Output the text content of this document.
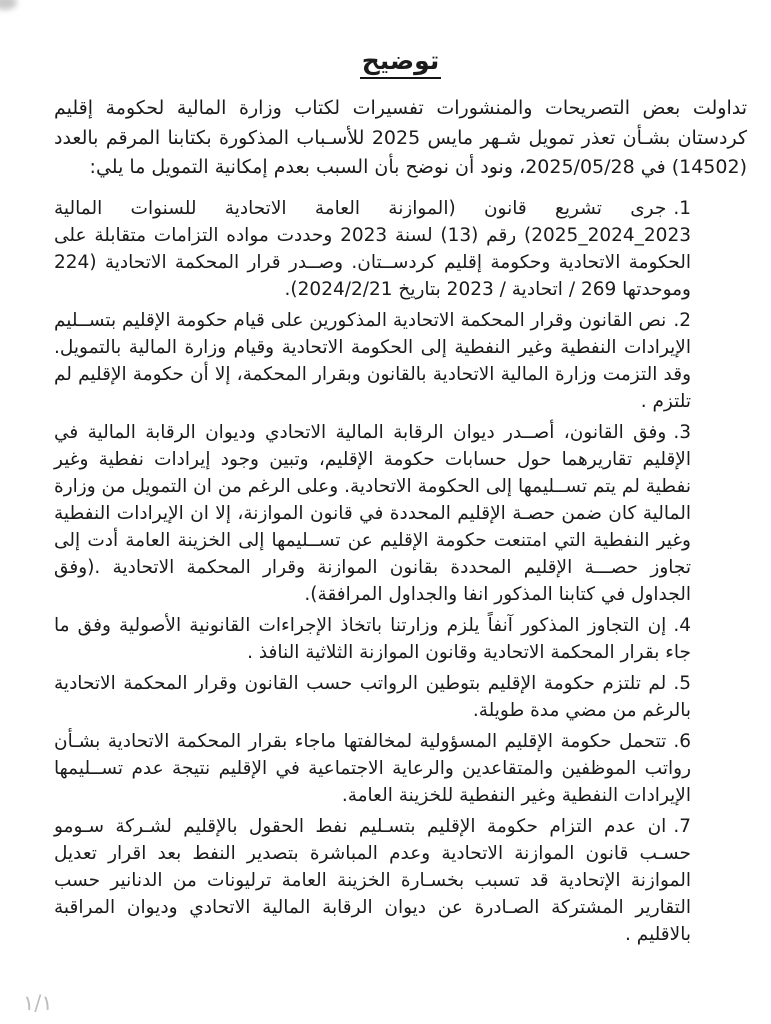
توضيح

تداولت بعض التصريحات والمنشورات تفسيرات لكتاب وزارة المالية لحكومة إقليم كردستان بشـأن تعذر تمويل شـهر مايس 2025 للأسـباب المذكورة بكتابنا المرقم بالعدد (14502) في 2025/05/28، ونود أن نوضح بأن السبب بعدم إمكانية التمويل ما يلي:

1.جرى تشريع قانون (الموازنة العامة الاتحادية للسنوات المالية 2023_2024_2025) رقم (13) لسنة 2023 وحددت مواده التزامات متقابلة على الحكومة الاتحادية وحكومة إقليم كردســتان. وصــدر قرار المحكمة الاتحادية (224 وموحدتها 269 / اتحادية / 2023 بتاريخ 2024/2/21).
2.نص القانون وقرار المحكمة الاتحادية المذكورين على قيام حكومة الإقليم بتســليم الإيرادات النفطية وغير النفطية إلى الحكومة الاتحادية وقيام وزارة المالية بالتمويل. وقد التزمت وزارة المالية الاتحادية بالقانون وبقرار المحكمة، إلا أن حكومة الإقليم لم تلتزم .
3.وفق القانون، أصــدر ديوان الرقابة المالية الاتحادي وديوان الرقابة المالية في الإقليم تقاريرهما حول حسابات حكومة الإقليم، وتبين وجود إيرادات نفطية وغير نفطية لم يتم تســليمها إلى الحكومة الاتحادية. وعلى الرغم من ان التمويل من وزارة المالية كان ضمن حصـة الإقليم المحددة في قانون الموازنة، إلا ان الإيرادات النفطية وغير النفطية التي امتنعت حكومة الإقليم عن تســليمها إلى الخزينة العامة أدت إلى تجاوز حصـــة الإقليم المحددة بقانون الموازنة وقرار المحكمة الاتحادية .(وفق الجداول في كتابنا المذكور انفا والجداول المرافقة).
4.إن التجاوز المذكور آنفاً يلزم وزارتنا باتخاذ الإجراءات القانونية الأصولية وفق ما جاء بقرار المحكمة الاتحادية وقانون الموازنة الثلاثية النافذ .
5.لم تلتزم حكومة الإقليم بتوطين الرواتب حسب القانون وقرار المحكمة الاتحادية بالرغم من مضي مدة طويلة.
6.تتحمل حكومة الإقليم المسؤولية لمخالفتها ماجاء بقرار المحكمة الاتحادية بشـأن رواتب الموظفين والمتقاعدين والرعاية الاجتماعية في الإقليم نتيجة عدم تســليمها الإيرادات النفطية وغير النفطية للخزينة العامة.
7.ان عدم التزام حكومة الإقليم بتسـليم نفط الحقول بالإقليم لشـركة سـومو حسـب قانون الموازنة الاتحادية وعدم المباشرة بتصدير النفط بعد اقرار تعديل الموازنة الإتحادية قد تسبب بخسـارة الخزينة العامة ترليونات من الدنانير حسب التقارير المشتركة الصـادرة عن ديوان الرقابة المالية الاتحادي وديوان المراقبة بالاقليم .
١/١
